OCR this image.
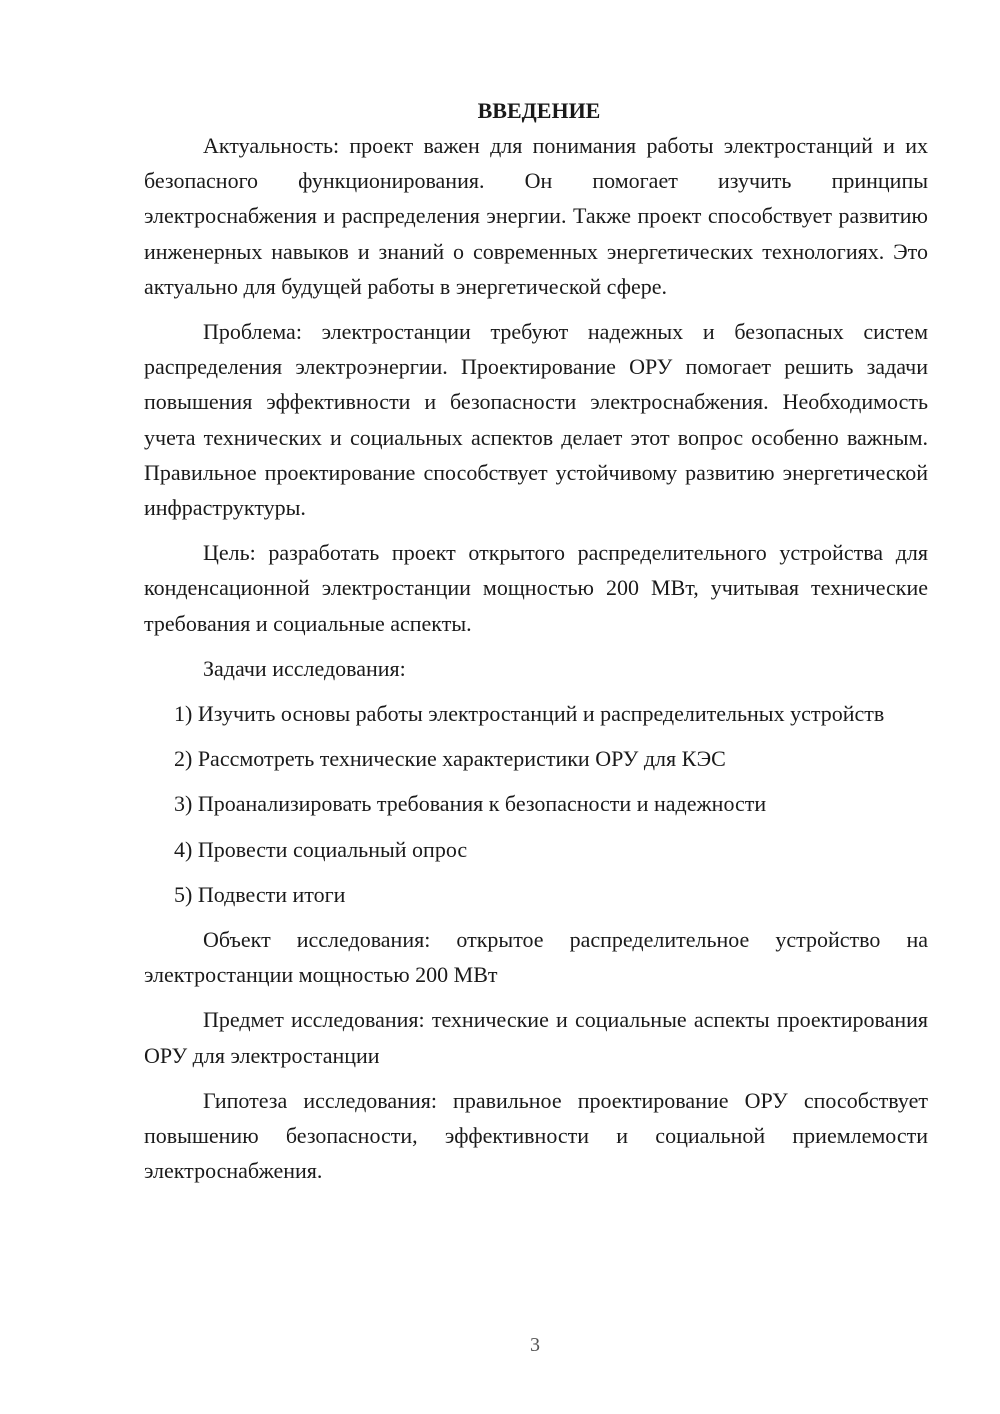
ВВЕДЕНИЕ

Актуальность: проект важен для понимания работы электростанций и их безопасного функционирования. Он помогает изучить принципы электроснабжения и распределения энергии. Также проект способствует развитию инженерных навыков и знаний о современных энергетических технологиях. Это актуально для будущей работы в энергетической сфере.

Проблема: электростанции требуют надежных и безопасных систем распределения электроэнергии. Проектирование ОРУ помогает решить задачи повышения эффективности и безопасности электроснабжения. Необходимость учета технических и социальных аспектов делает этот вопрос особенно важным. Правильное проектирование способствует устойчивому развитию энергетической инфраструктуры.

Цель: разработать проект открытого распределительного устройства для конденсационной электростанции мощностью 200 МВт, учитывая технические требования и социальные аспекты.

Задачи исследования:

1) Изучить основы работы электростанций и распределительных устройств

2) Рассмотреть технические характеристики ОРУ для КЭС

3) Проанализировать требования к безопасности и надежности

4) Провести социальный опрос

5) Подвести итоги

Объект исследования: открытое распределительное устройство на электростанции мощностью 200 МВт

Предмет исследования: технические и социальные аспекты проектирования ОРУ для электростанции

Гипотеза исследования: правильное проектирование ОРУ способствует повышению безопасности, эффективности и социальной приемлемости электроснабжения.

3
